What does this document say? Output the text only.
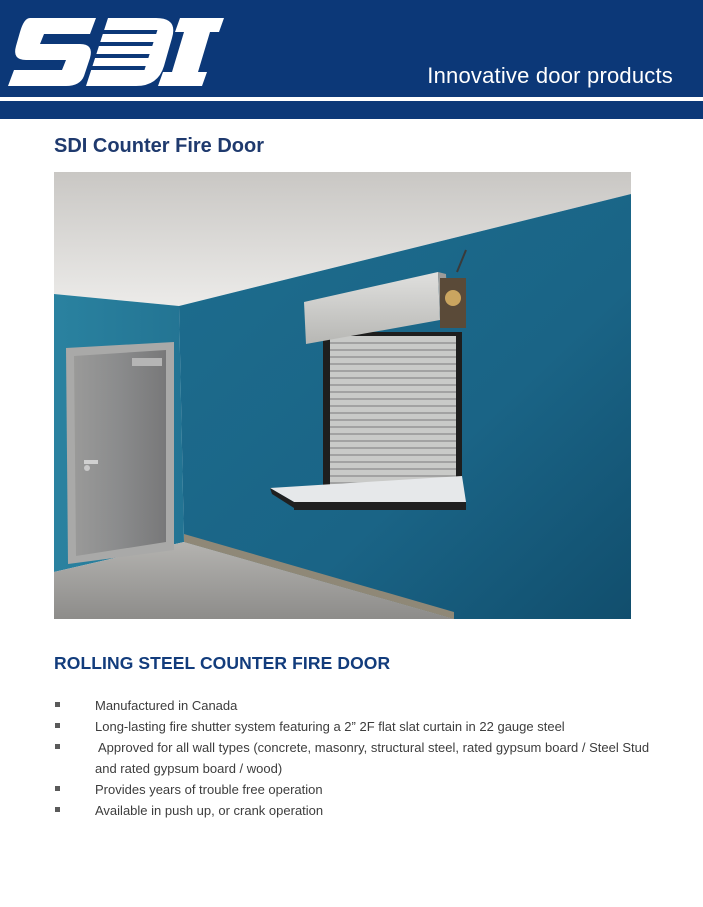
Innovative door products
SDI Counter Fire Door
ROLLING STEEL COUNTER FIRE DOOR
Manufactured in Canada
Long-lasting fire shutter system featuring a 2” 2F flat slat curtain in 22 gauge steel
Approved for all wall types (concrete, masonry, structural steel, rated gypsum board / Steel Stud and rated gypsum board / wood)
Provides years of trouble free operation
Available in push up, or crank operation
